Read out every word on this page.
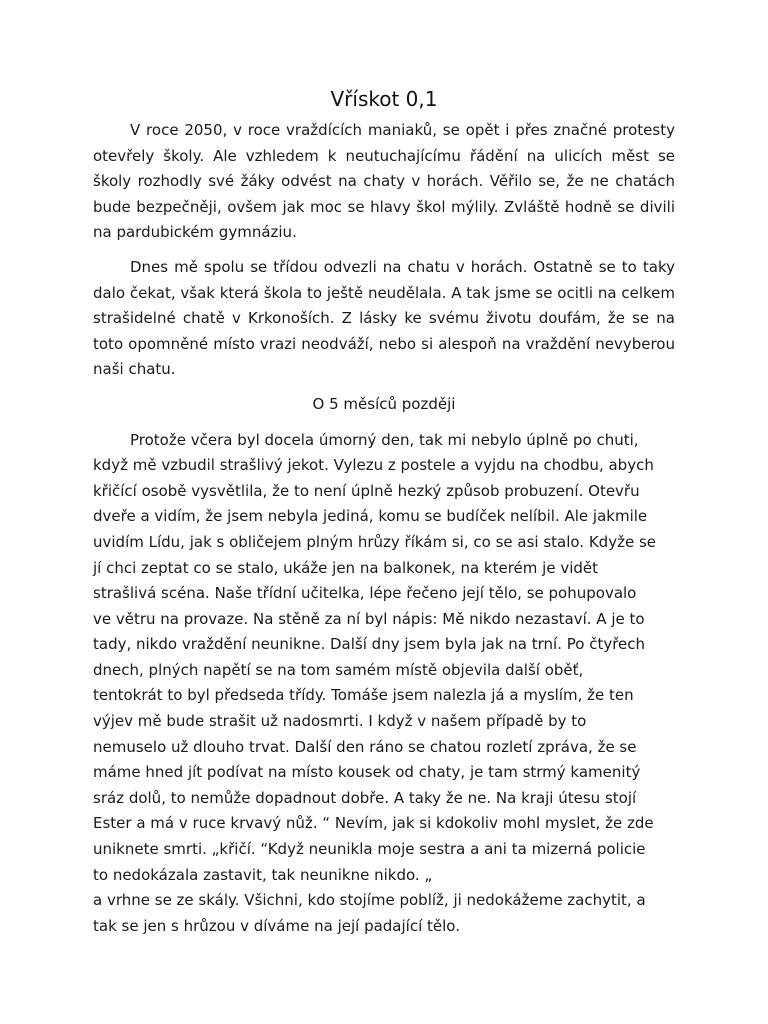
Vřískot 0,1

V roce 2050, v roce vraždících maniaků, se opět i přes značné protesty otevřely školy. Ale vzhledem k neutuchajícímu řádění na ulicích měst se školy rozhodly své žáky odvést na chaty v horách. Věřilo se, že ne chatách bude bezpečněji, ovšem jak moc se hlavy škol mýlily. Zvláště hodně se divili na pardubickém gymnáziu.

Dnes mě spolu se třídou odvezli na chatu v horách. Ostatně se to taky dalo čekat, však která škola to ještě neudělala. A tak jsme se ocitli na celkem strašidelné chatě v Krkonoších. Z lásky ke svému životu doufám, že se na toto opomněné místo vrazi neodváží, nebo si alespoň na vraždění nevyberou naši chatu.

O 5 měsíců později

Protože včera byl docela úmorný den, tak mi nebylo úplně po chuti,
když mě vzbudil strašlivý jekot. Vylezu z postele a vyjdu na chodbu, abych
křičící osobě vysvětlila, že to není úplně hezký způsob probuzení. Otevřu
dveře a vidím, že jsem nebyla jediná, komu se budíček nelíbil. Ale jakmile
uvidím Lídu, jak s obličejem plným hrůzy říkám si, co se asi stalo. Kdyže se
jí chci zeptat co se stalo, ukáže jen na balkonek, na kterém je vidět
strašlivá scéna. Naše třídní učitelka, lépe řečeno její tělo, se pohupovalo
ve větru na provaze. Na stěně za ní byl nápis: Mě nikdo nezastaví. A je to
tady, nikdo vraždění neunikne. Další dny jsem byla jak na trní. Po čtyřech
dnech, plných napětí se na tom samém místě objevila další oběť,
tentokrát to byl předseda třídy. Tomáše jsem nalezla já a myslím, že ten
výjev mě bude strašit už nadosmrti. I když v našem případě by to
nemuselo už dlouho trvat. Další den ráno se chatou rozletí zpráva, že se
máme hned jít podívat na místo kousek od chaty, je tam strmý kamenitý
sráz dolů, to nemůže dopadnout dobře. A taky že ne. Na kraji útesu stojí
Ester a má v ruce krvavý nůž. “ Nevím, jak si kdokoliv mohl myslet, že zde
uniknete smrti. „křičí. “Když neunikla moje sestra a ani ta mizerná policie
to nedokázala zastavit, tak neunikne nikdo. „

a vrhne se ze skály. Všichni, kdo stojíme poblíž, ji nedokážeme zachytit, a
tak se jen s hrůzou v díváme na její padající tělo.
